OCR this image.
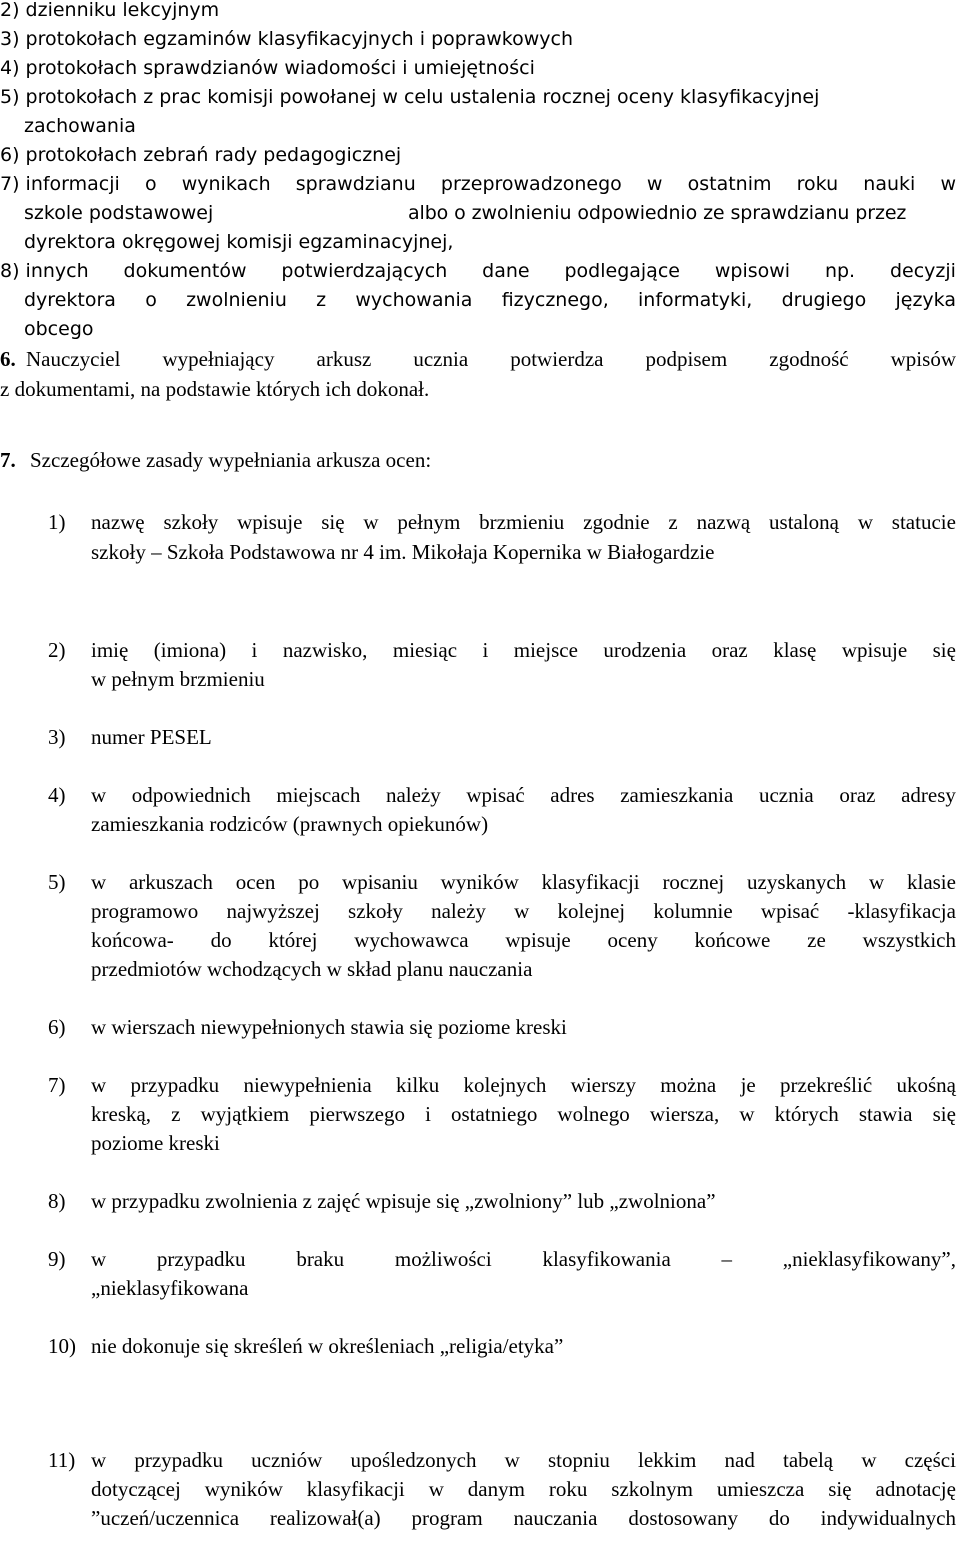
2) dzienniku lekcyjnym
3) protokołach egzaminów klasyfikacyjnych i poprawkowych
4) protokołach sprawdzianów wiadomości i umiejętności
5) protokołach z prac komisji powołanej w celu ustalenia rocznej oceny klasyfikacyjnej
zachowania
6) protokołach zebrań rady pedagogicznej
7) informacji o wynikach sprawdzianu przeprowadzonego w ostatnim roku nauki w
szkole podstawowej	albo o zwolnieniu odpowiednio ze sprawdzianu przez
dyrektora okręgowej komisji egzaminacyjnej,
8) innych dokumentów potwierdzających dane podlegające wpisowi np. decyzji
dyrektora o zwolnieniu z wychowania fizycznego, informatyki, drugiego języka
obcego
6. Nauczyciel wypełniający arkusz ucznia potwierdza podpisem zgodność wpisów
z dokumentami, na podstawie których ich dokonał.
7. Szczegółowe zasady wypełniania arkusza ocen:
1) nazwę szkoły wpisuje się w pełnym brzmieniu zgodnie z nazwą ustaloną w statucie
szkoły – Szkoła Podstawowa nr 4 im. Mikołaja Kopernika w Białogardzie
2) imię (imiona) i nazwisko, miesiąc i miejsce urodzenia oraz klasę wpisuje się
w pełnym brzmieniu
3) numer PESEL
4) w odpowiednich miejscach należy wpisać adres zamieszkania ucznia oraz adresy
zamieszkania rodziców (prawnych opiekunów)
5) w arkuszach ocen po wpisaniu wyników klasyfikacji rocznej uzyskanych w klasie
programowo najwyższej szkoły należy w kolejnej kolumnie wpisać -klasyfikacja
końcowa- do której wychowawca wpisuje oceny końcowe ze wszystkich
przedmiotów wchodzących w skład planu nauczania
6) w wierszach niewypełnionych stawia się poziome kreski
7) w przypadku niewypełnienia kilku kolejnych wierszy można je przekreślić ukośną
kreską, z wyjątkiem pierwszego i ostatniego wolnego wiersza, w których stawia się
poziome kreski
8) w przypadku zwolnienia z zajęć wpisuje się „zwolniony” lub „zwolniona”
9) w przypadku braku możliwości klasyfikowania – „nieklasyfikowany”,
„nieklasyfikowana
10) nie dokonuje się skreśleń w określeniach „religia/etyka”
11) w przypadku uczniów upośledzonych w stopniu lekkim nad tabelą w części
dotyczącej wyników klasyfikacji w danym roku szkolnym umieszcza się adnotację
”uczeń/uczennica realizował(a) program nauczania dostosowany do indywidualnych
